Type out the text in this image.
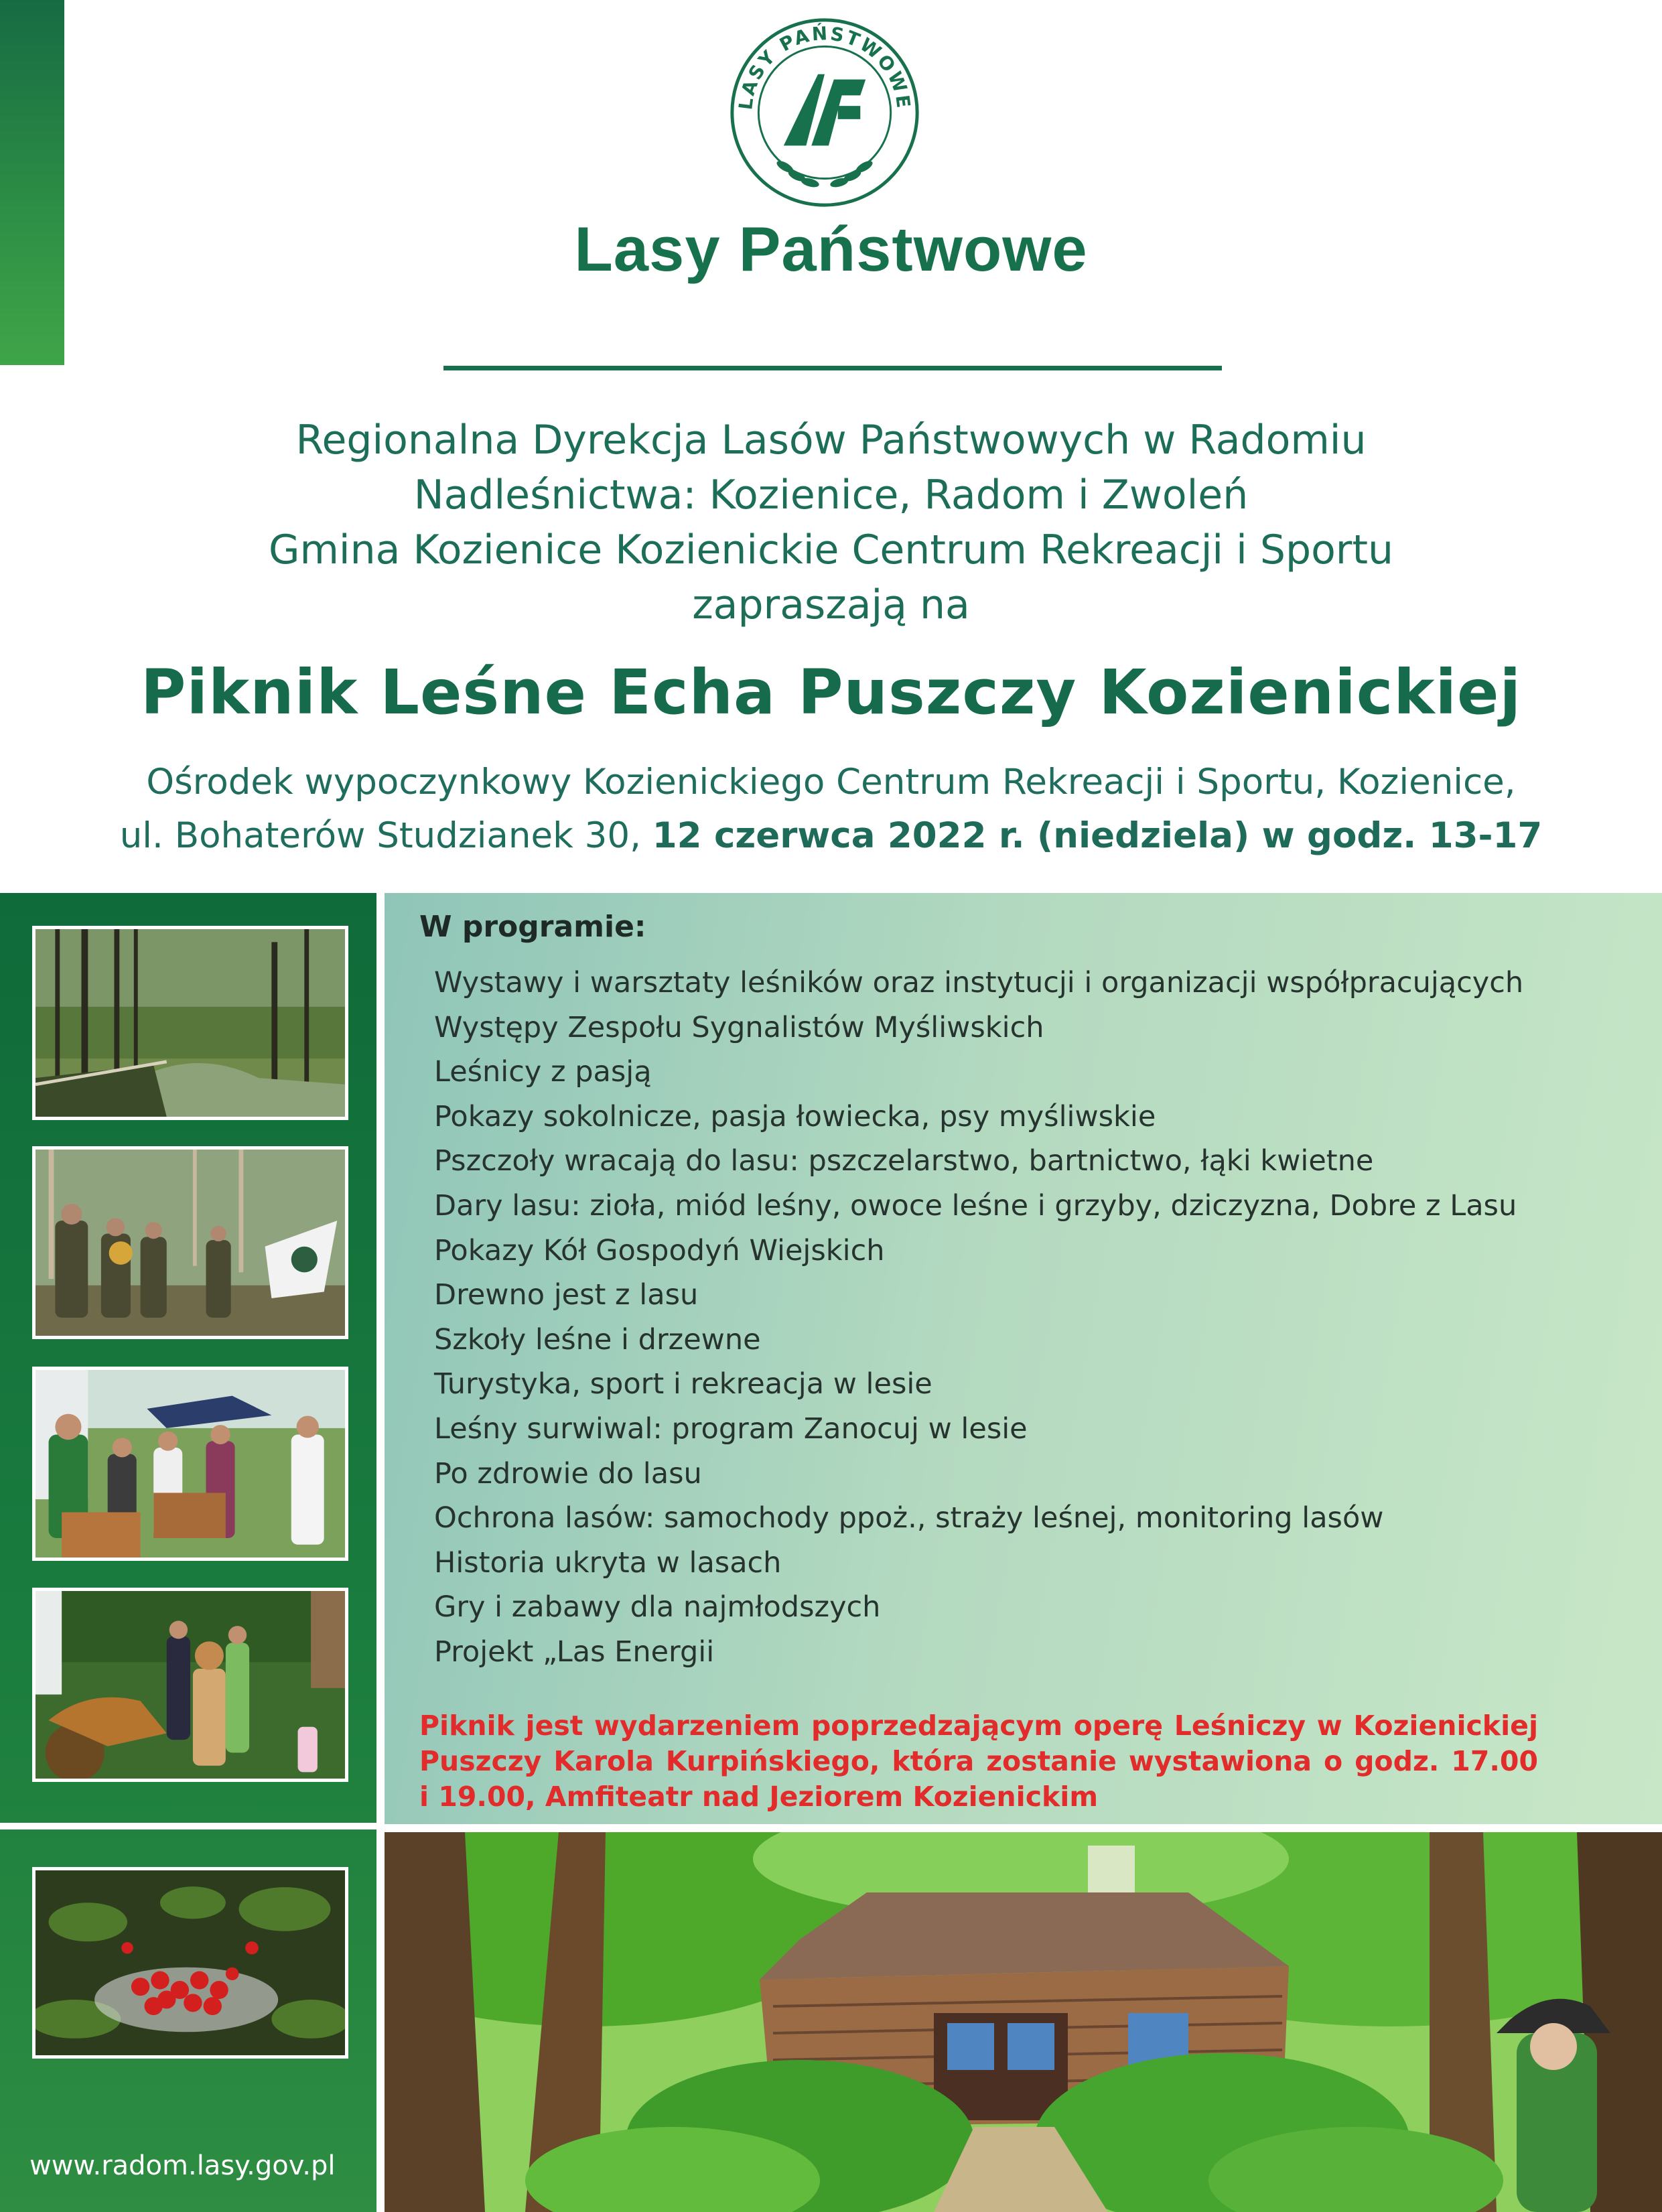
LASY PAŃSTWOWE
Lasy Państwowe
Regionalna Dyrekcja Lasów Państwowych w Radomiu
Nadleśnictwa: Kozienice, Radom i Zwoleń
Gmina Kozienice Kozienickie Centrum Rekreacji i Sportu
zapraszają na
Piknik Leśne Echa Puszczy Kozienickiej
Ośrodek wypoczynkowy Kozienickiego Centrum Rekreacji i Sportu, Kozienice,
ul. Bohaterów Studzianek 30, 12 czerwca 2022 r. (niedziela) w godz. 13-17
www.radom.lasy.gov.pl
W programie:
Wystawy i warsztaty leśników oraz instytucji i organizacji współpracujących
Występy Zespołu Sygnalistów Myśliwskich
Leśnicy z pasją
Pokazy sokolnicze, pasja łowiecka, psy myśliwskie
Pszczoły wracają do lasu: pszczelarstwo, bartnictwo, łąki kwietne
Dary lasu: zioła, miód leśny, owoce leśne i grzyby, dziczyzna, Dobre z Lasu
Pokazy Kół Gospodyń Wiejskich
Drewno jest z lasu
Szkoły leśne i drzewne
Turystyka, sport i rekreacja w lesie
Leśny surwiwal: program Zanocuj w lesie
Po zdrowie do lasu
Ochrona lasów: samochody ppoż., straży leśnej, monitoring lasów
Historia ukryta w lasach
Gry i zabawy dla najmłodszych
Projekt „Las Energii
Piknik jest wydarzeniem poprzedzającym operę Leśniczy w Kozienickiej
Puszczy Karola Kurpińskiego, która zostanie wystawiona o godz. 17.00
i 19.00, Amfiteatr nad Jeziorem Kozienickim
